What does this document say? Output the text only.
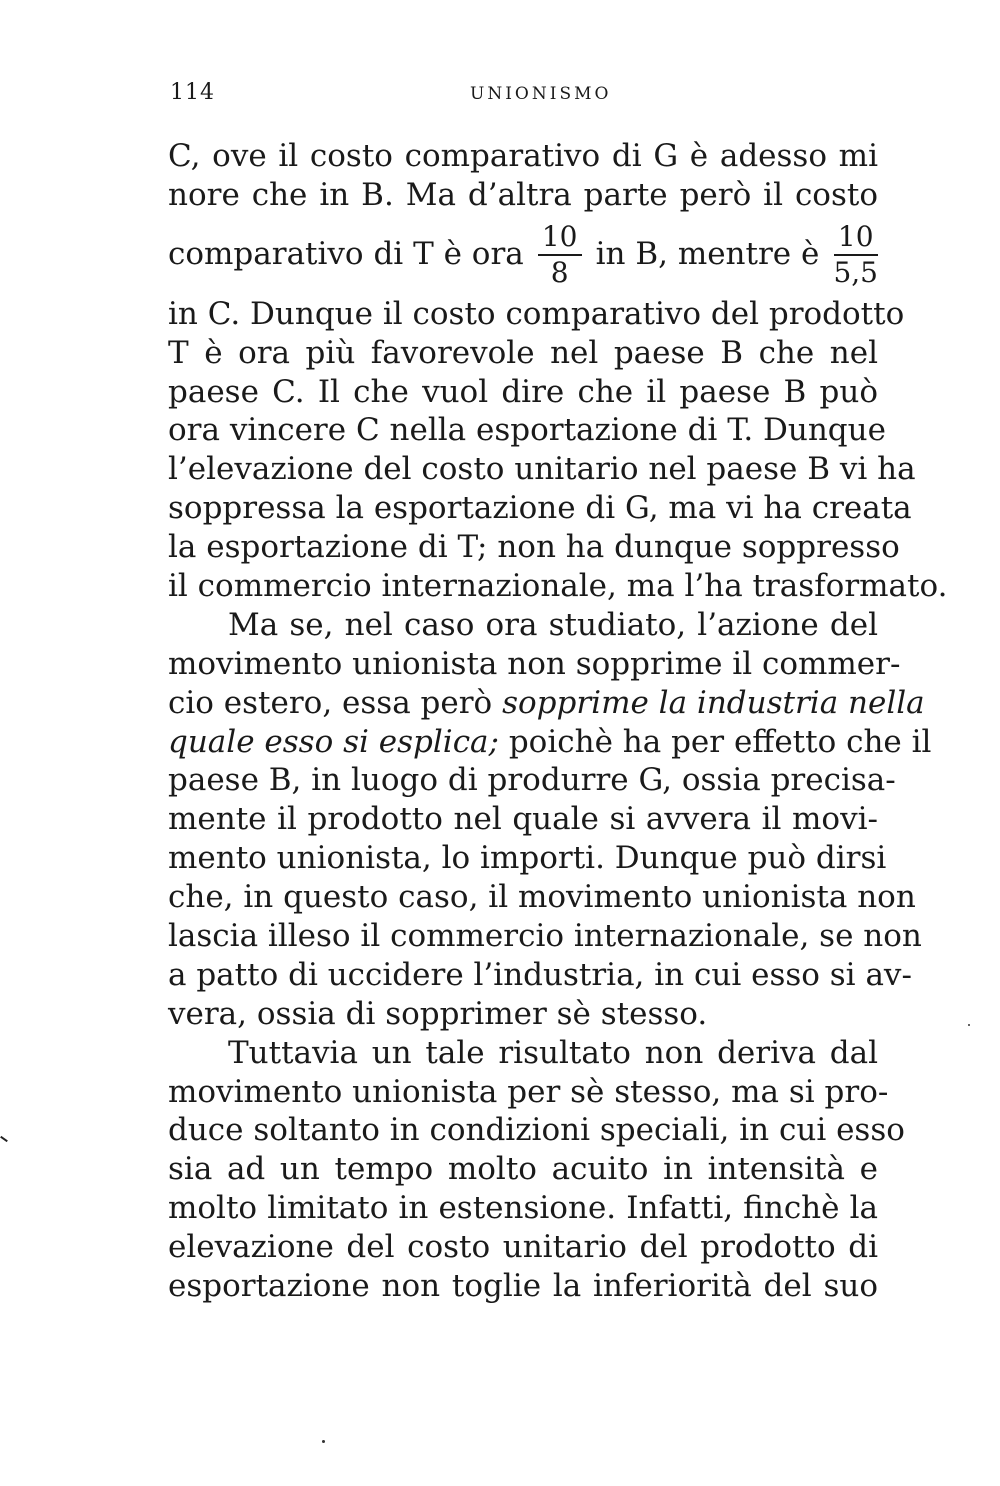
114	UNIONISMO
C, ove il costo comparativo di G è adesso mi
nore che in B. Ma d’altra parte però il costo
comparativo di T è ora $\frac{10}{8}$ in B, mentre è $\frac{10}{5,5}$
in C. Dunque il costo comparativo del prodotto
T è ora più favorevole nel paese B che nel
paese C. Il che vuol dire che il paese B può
ora vincere C nella esportazione di T. Dunque
l’elevazione del costo unitario nel paese B vi ha
soppressa la esportazione di G, ma vi ha creata
la esportazione di T; non ha dunque soppresso
il commercio internazionale, ma l’ha trasformato.
Ma se, nel caso ora studiato, l’azione del
movimento unionista non sopprime il commer-
cio estero, essa però sopprime la industria nella
quale esso si esplica; poichè ha per effetto che il
paese B, in luogo di produrre G, ossia precisa-
mente il prodotto nel quale si avvera il movi-
mento unionista, lo importi. Dunque può dirsi
che, in questo caso, il movimento unionista non
lascia illeso il commercio internazionale, se non
a patto di uccidere l’industria, in cui esso si av-
vera, ossia di sopprimer sè stesso.
Tuttavia un tale risultato non deriva dal
movimento unionista per sè stesso, ma si pro-
duce soltanto in condizioni speciali, in cui esso
sia ad un tempo molto acuito in intensità e
molto limitato in estensione. Infatti, finchè la
elevazione del costo unitario del prodotto di
esportazione non toglie la inferiorità del suo
